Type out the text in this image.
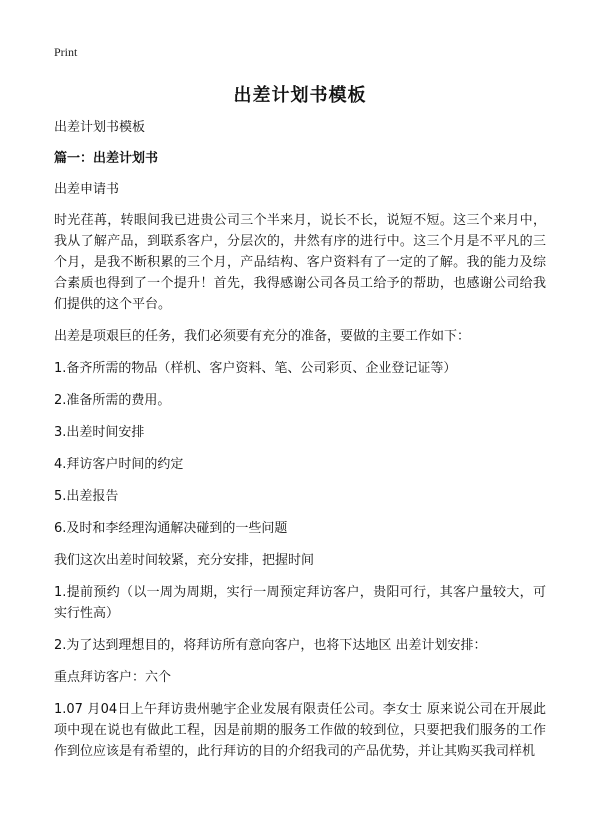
Print
出差计划书模板

出差计划书模板

篇一：出差计划书

出差申请书

时光荏苒，转眼间我已进贵公司三个半来月，说长不长，说短不短。这三个来月中，我从了解产品，到联系客户，分层次的，井然有序的进行中。这三个月是不平凡的三个月，是我不断积累的三个月，产品结构、客户资料有了一定的了解。我的能力及综合素质也得到了一个提升！首先，我得感谢公司各员工给予的帮助，也感谢公司给我们提供的这个平台。

出差是项艰巨的任务，我们必须要有充分的准备，要做的主要工作如下：

1.备齐所需的物品（样机、客户资料、笔、公司彩页、企业登记证等）

2.准备所需的费用。

3.出差时间安排

4.拜访客户时间的约定

5.出差报告

6.及时和李经理沟通解决碰到的一些问题

我们这次出差时间较紧，充分安排，把握时间

1.提前预约（以一周为周期，实行一周预定拜访客户，贵阳可行，其客户量较大，可实行性高）

2.为了达到理想目的，将拜访所有意向客户，也将下达地区 出差计划安排：

重点拜访客户：六个

1.07 月04日上午拜访贵州驰宇企业发展有限责任公司。李女士 原来说公司在开展此项中现在说也有做此工程，因是前期的服务工作做的较到位，只要把我们服务的工作作到位应该是有希望的，此行拜访的目的介绍我司的产品优势，并让其购买我司样机
